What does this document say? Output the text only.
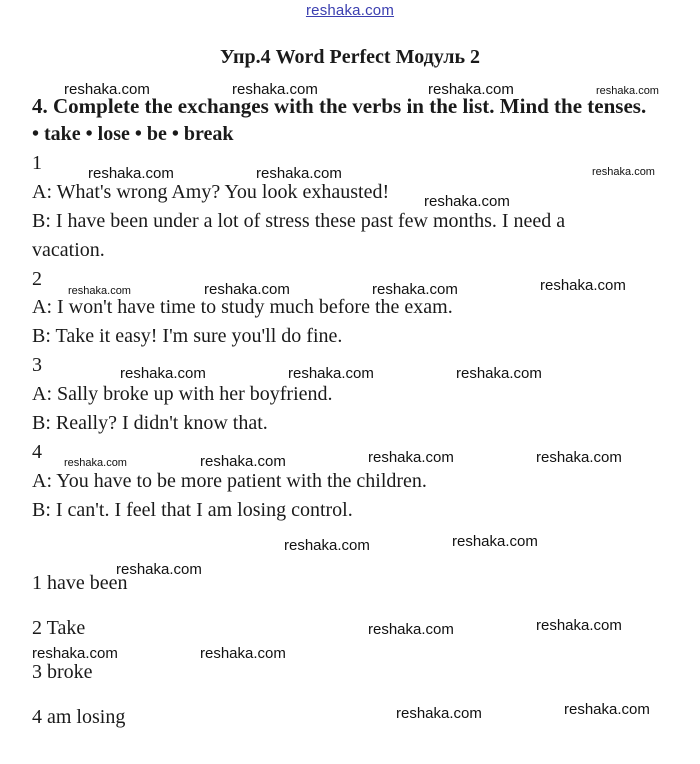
reshaka.com
Упр.4 Word Perfect Модуль 2
4. Complete the exchanges with the verbs in the list. Mind the tenses.
• take • lose • be • break
1
A: What's wrong Amy? You look exhausted!
B: I have been under a lot of stress these past few months. I need a
vacation.
2
A: I won't have time to study much before the exam.
B: Take it easy! I'm sure you'll do fine.
3
A: Sally broke up with her boyfriend.
B: Really? I didn't know that.
4
A: You have to be more patient with the children.
B: I can't. I feel that I am losing control.
1 have been
2 Take
3 broke
4 am losing
reshaka.com	reshaka.com	reshaka.com	reshaka.com
reshaka.com	reshaka.com	reshaka.com
reshaka.com
reshaka.com	reshaka.com	reshaka.com	reshaka.com
reshaka.com	reshaka.com	reshaka.com
reshaka.com	reshaka.com	reshaka.com	reshaka.com
reshaka.com	reshaka.com
reshaka.com
reshaka.com	reshaka.com
reshaka.com	reshaka.com
reshaka.com	reshaka.com
